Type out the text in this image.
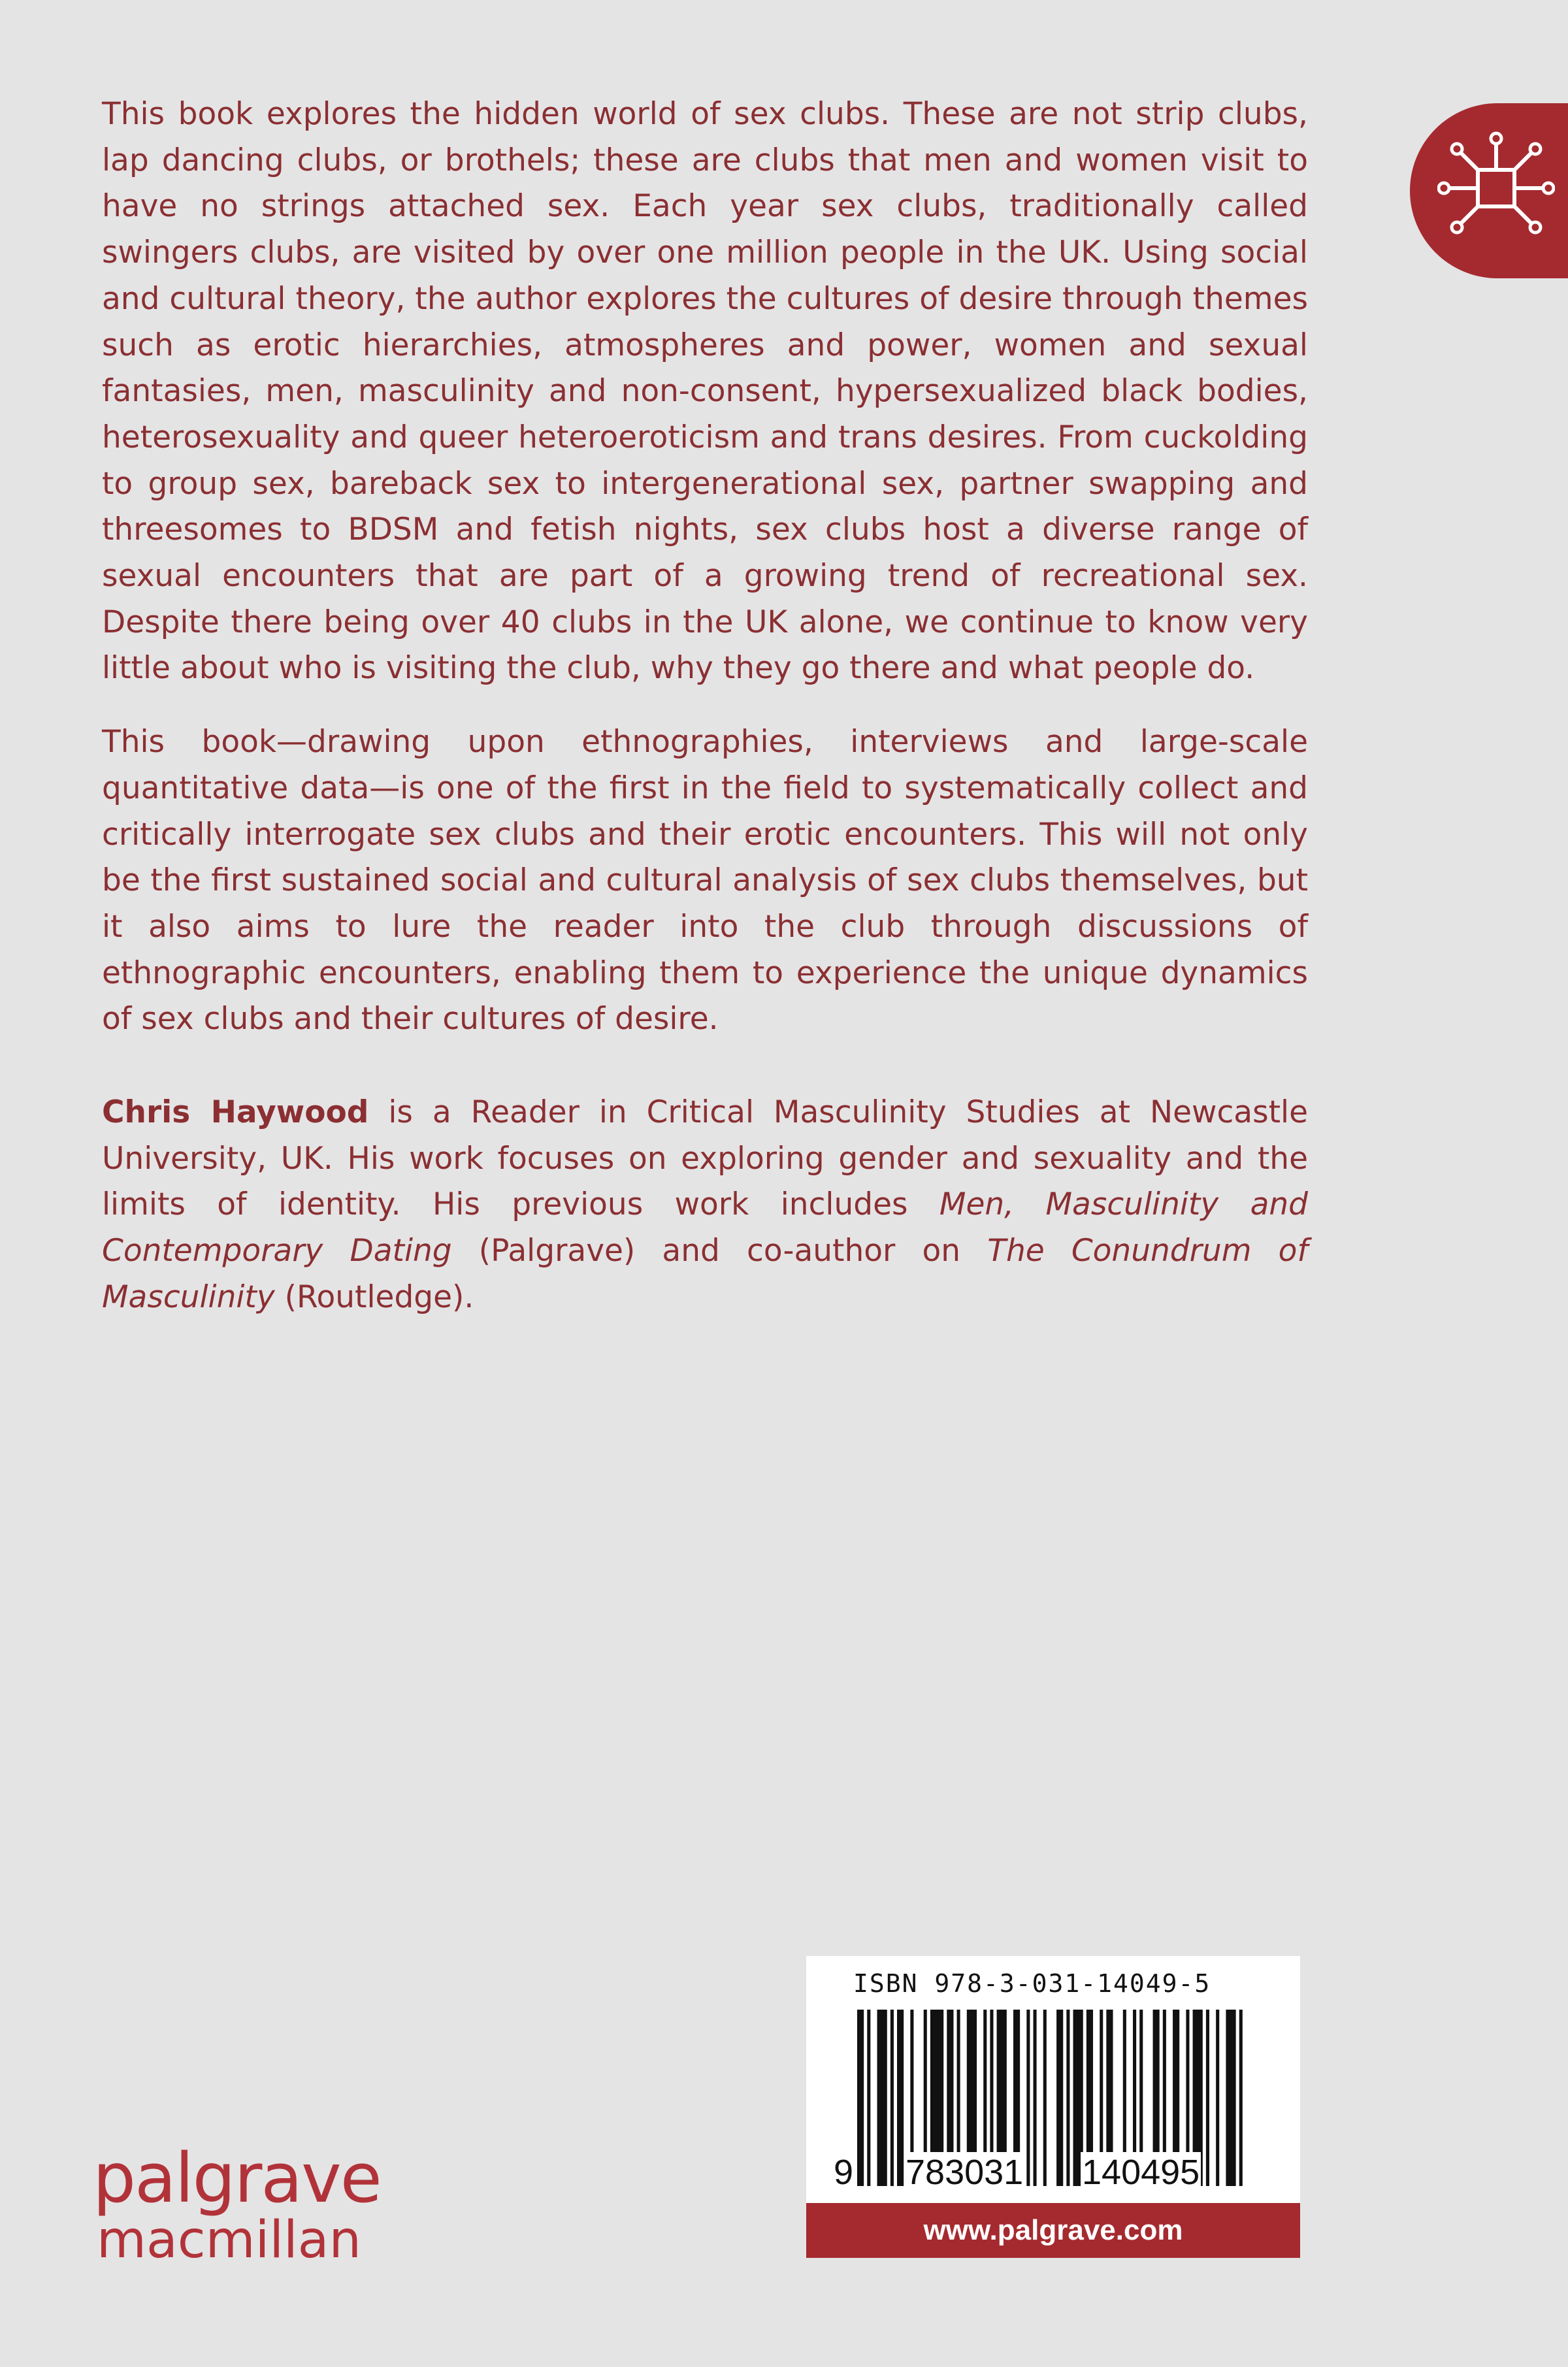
This book explores the hidden world of sex clubs. These are not strip clubs, lap dancing clubs, or brothels; these are clubs that men and women visit to have no strings attached sex. Each year sex clubs, traditionally called swingers clubs, are visited by over one million people in the UK. Using social and cultural theory, the author explores the cultures of desire through themes such as erotic hierarchies, atmospheres and power, women and sexual fantasies, men, masculinity and non-consent, hypersexualized black bodies, heterosexuality and queer heteroeroticism and trans desires. From cuckolding to group sex, bareback sex to intergenerational sex, partner swapping and threesomes to BDSM and fetish nights, sex clubs host a diverse range of sexual encounters that are part of a growing trend of recreational sex. Despite there being over 40 clubs in the UK alone, we continue to know very little about who is visiting the club, why they go there and what people do.

This book—drawing upon ethnographies, interviews and large-scale quantitative data—is one of the first in the field to systematically collect and critically interrogate sex clubs and their erotic encounters. This will not only be the first sustained social and cultural analysis of sex clubs themselves, but it also aims to lure the reader into the club through discussions of ethnographic encounters, enabling them to experience the unique dynamics of sex clubs and their cultures of desire.

Chris Haywood is a Reader in Critical Masculinity Studies at Newcastle University, UK. His work focuses on exploring gender and sexuality and the limits of identity. His previous work includes Men, Masculinity and Contemporary Dating (Palgrave) and co-author on The Conundrum of Masculinity (Routledge).

palgrave
macmillan
ISBN 978-3-031-14049-5
9 783031 140495
www.palgrave.com
